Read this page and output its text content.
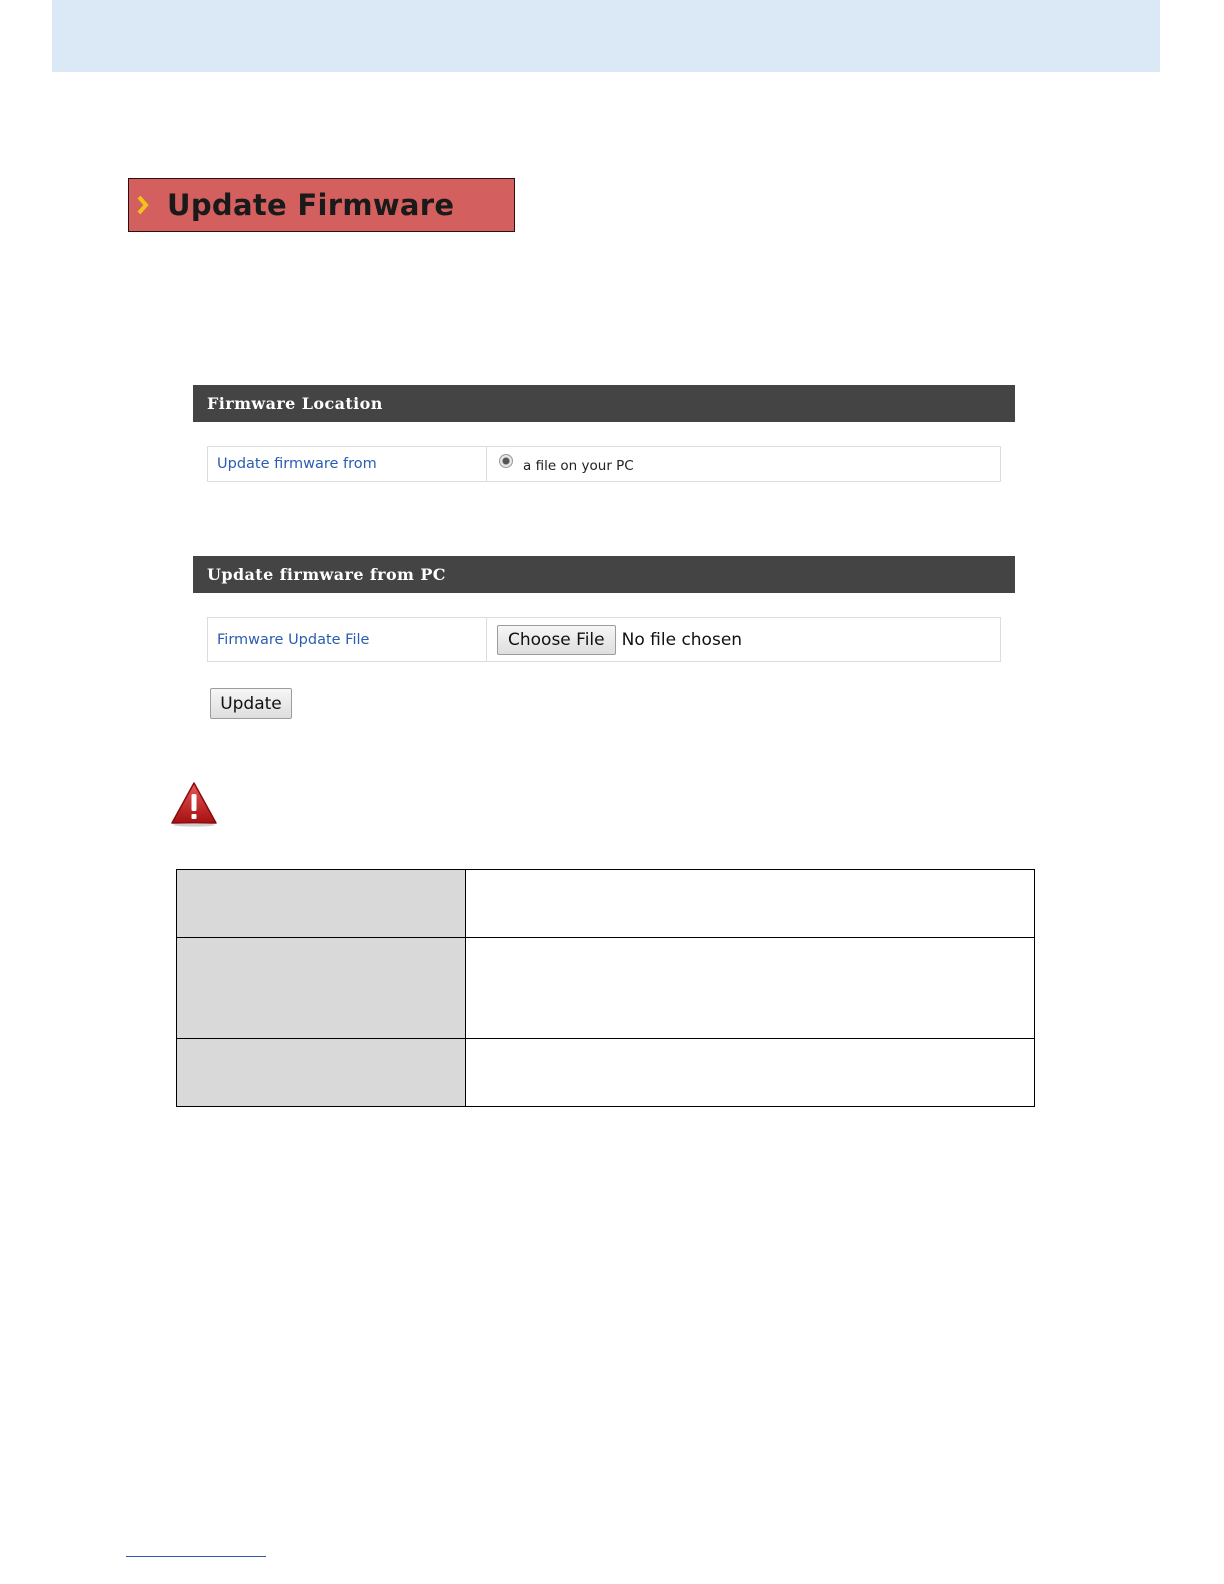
Update Firmware
Firmware Location
Update firmware from	a file on your PC
Update firmware from PC
Firmware Update File	Choose File	No file chosen
Update
